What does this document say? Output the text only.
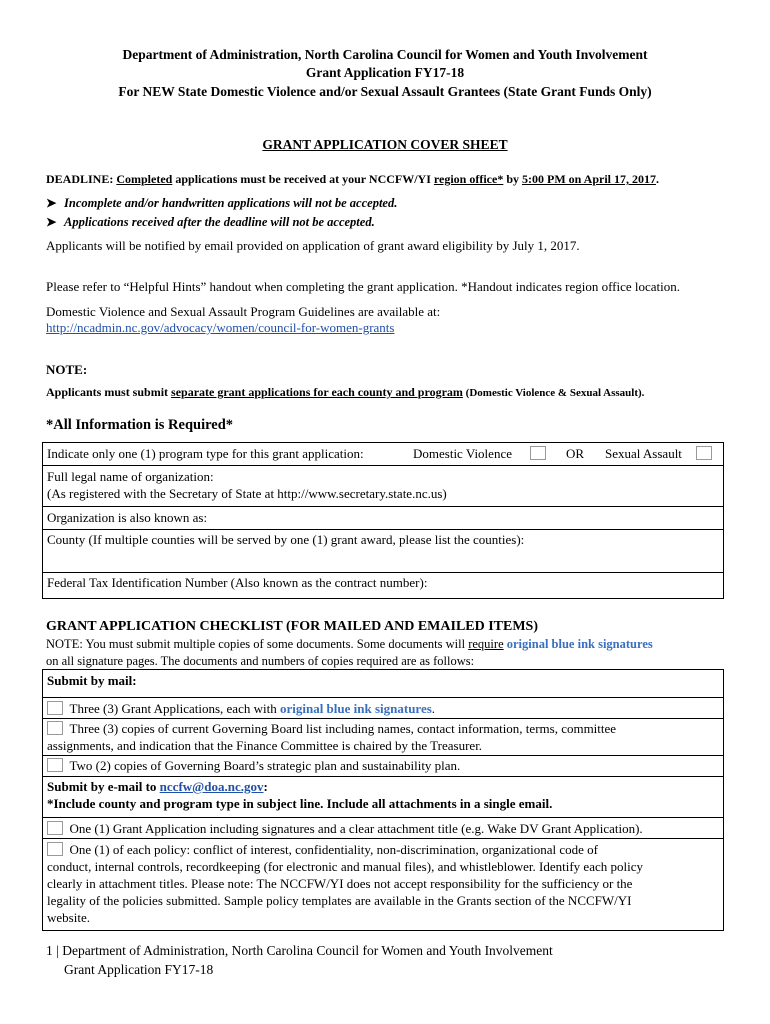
Department of Administration, North Carolina Council for Women and Youth Involvement
Grant Application FY17-18
For NEW State Domestic Violence and/or Sexual Assault Grantees (State Grant Funds Only)
GRANT APPLICATION COVER SHEET
DEADLINE: Completed applications must be received at your NCCFW/YI region office* by 5:00 PM on April 17, 2017.
➤ Incomplete and/or handwritten applications will not be accepted.
➤ Applications received after the deadline will not be accepted.
Applicants will be notified by email provided on application of grant award eligibility by July 1, 2017.
Please refer to “Helpful Hints” handout when completing the grant application. *Handout indicates region office location.
Domestic Violence and Sexual Assault Program Guidelines are available at:
http://ncadmin.nc.gov/advocacy/women/council-for-women-grants
NOTE:
Applicants must submit separate grant applications for each county and program (Domestic Violence & Sexual Assault).
*All Information is Required*
Indicate only one (1) program type for this grant application:	Domestic Violence	OR Sexual Assault
Full legal name of organization:
(As registered with the Secretary of State at http://www.secretary.state.nc.us)
Organization is also known as:
County (If multiple counties will be served by one (1) grant award, please list the counties):
Federal Tax Identification Number (Also known as the contract number):
GRANT APPLICATION CHECKLIST (FOR MAILED AND EMAILED ITEMS)
NOTE: You must submit multiple copies of some documents. Some documents will require original blue ink signatures
on all signature pages. The documents and numbers of copies required are as follows:
Submit by mail:
Three (3) Grant Applications, each with original blue ink signatures.
Three (3) copies of current Governing Board list including names, contact information, terms, committee
assignments, and indication that the Finance Committee is chaired by the Treasurer.
Two (2) copies of Governing Board’s strategic plan and sustainability plan.
Submit by e-mail to nccfw@doa.nc.gov:
*Include county and program type in subject line. Include all attachments in a single email.
One (1) Grant Application including signatures and a clear attachment title (e.g. Wake DV Grant Application).
One (1) of each policy: conflict of interest, confidentiality, non-discrimination, organizational code of
conduct, internal controls, recordkeeping (for electronic and manual files), and whistleblower. Identify each policy
clearly in attachment titles. Please note: The NCCFW/YI does not accept responsibility for the sufficiency or the
legality of the policies submitted. Sample policy templates are available in the Grants section of the NCCFW/YI
website.
1 | Department of Administration, North Carolina Council for Women and Youth Involvement
Grant Application FY17-18
